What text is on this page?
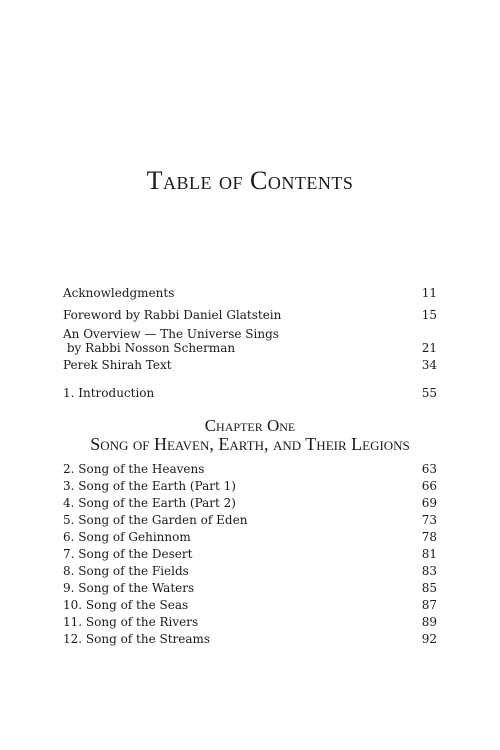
Table of Contents
Acknowledgments	11
Foreword by Rabbi Daniel Glatstein	15
An Overview — The Universe Sings
by Rabbi Nosson Scherman	21
Perek Shirah Text	34
1. Introduction	55
Chapter One
Song of Heaven, Earth, and Their Legions
2. Song of the Heavens	63
3. Song of the Earth (Part 1)	66
4. Song of the Earth (Part 2)	69
5. Song of the Garden of Eden	73
6. Song of Gehinnom	78
7. Song of the Desert	81
8. Song of the Fields	83
9. Song of the Waters	85
10. Song of the Seas	87
11. Song of the Rivers	89
12. Song of the Streams	92
